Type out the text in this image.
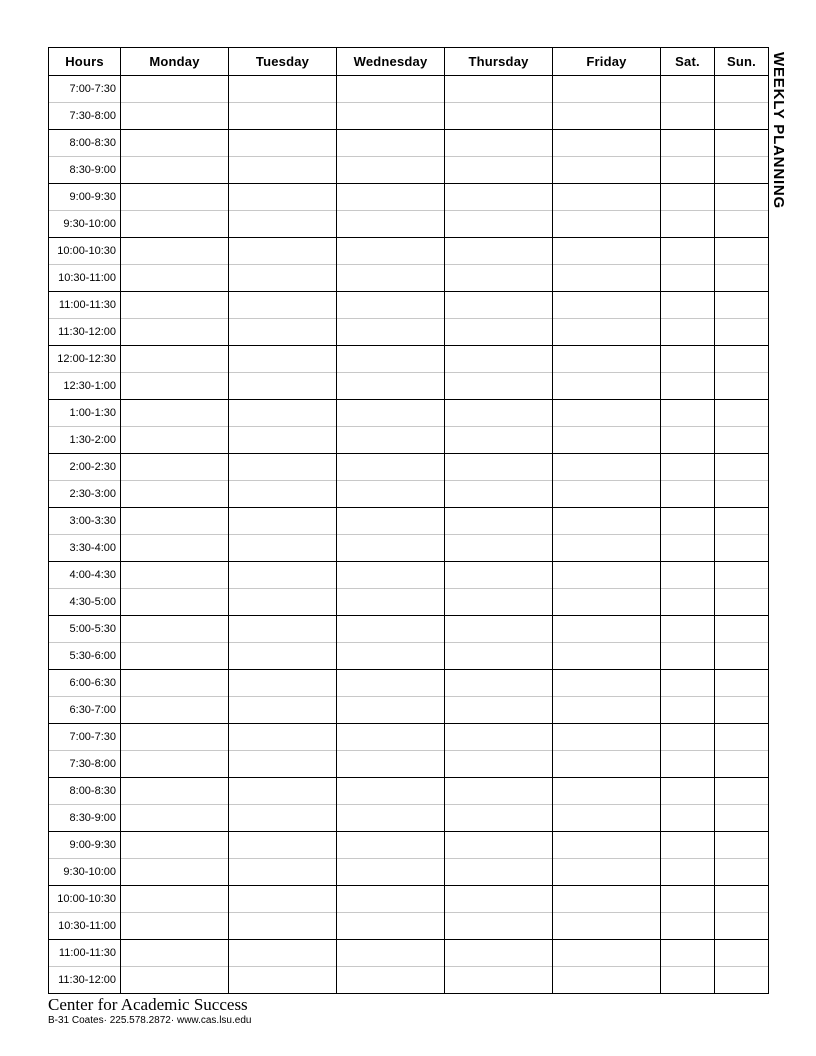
Hours	Monday	Tuesday	Wednesday	Thursday	Friday	Sat.	Sun.
7:00-7:30							
7:30-8:00							
8:00-8:30							
8:30-9:00							
9:00-9:30							
9:30-10:00							
10:00-10:30							
10:30-11:00							
11:00-11:30							
11:30-12:00							
12:00-12:30							
12:30-1:00							
1:00-1:30							
1:30-2:00							
2:00-2:30							
2:30-3:00							
3:00-3:30							
3:30-4:00							
4:00-4:30							
4:30-5:00							
5:00-5:30							
5:30-6:00							
6:00-6:30							
6:30-7:00							
7:00-7:30							
7:30-8:00							
8:00-8:30							
8:30-9:00							
9:00-9:30							
9:30-10:00							
10:00-10:30							
10:30-11:00							
11:00-11:30							
11:30-12:00							
WEEKLY PLANNING
Center for Academic Success
B-31 Coates· 225.578.2872· www.cas.lsu.edu
